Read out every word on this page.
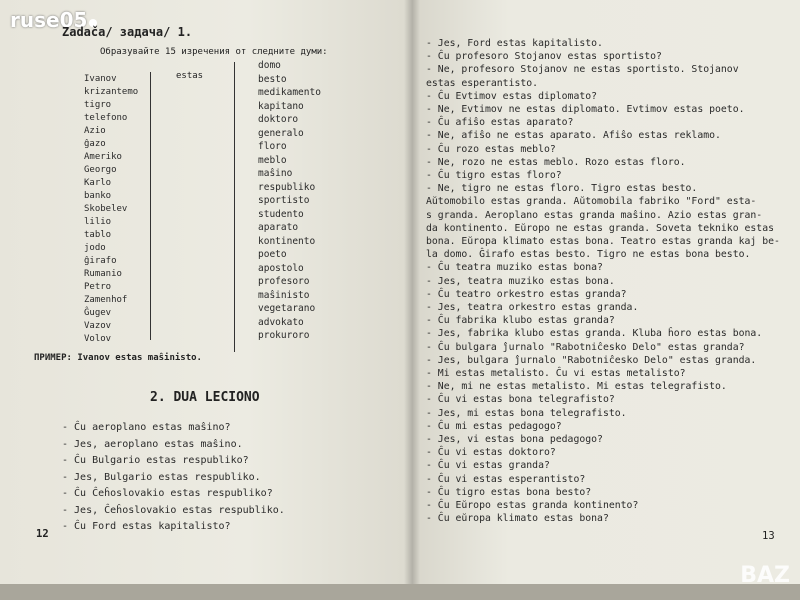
ruse05
Zadača/ задача/ 1.
Образувайте 15 изречения от следните думи:
estas
Ivanov
krizantemo
tigro
telefono
Azio
ĝazo
Ameriko
Georgo
Karlo
banko
Skobelev
lilio
tablo
jodo
ĝirafo
Rumanio
Petro
Zamenhof
Ĝugev
Vazov
Volov
domo
besto
medikamento
kapitano
doktoro
generalo
floro
meblo
maŝino
respubliko
sportisto
studento
aparato
kontinento
poeto
apostolo
profesoro
maŝinisto
vegetarano
advokato
prokuroro
ПРИМЕР: Ivanov estas maŝinisto.
2. DUA LECIONO
- Ĉu aeroplano estas maŝino?
- Jes, aeroplano estas maŝino.
- Ĉu Bulgario estas respubliko?
- Jes, Bulgario estas respubliko.
- Ĉu Ĉeĥoslovakio estas respubliko?
- Jes, Ĉeĥoslovakio estas respubliko.
- Ĉu Ford estas kapitalisto?
12
- Jes, Ford estas kapitalisto.
- Ĉu profesoro Stojanov estas sportisto?
- Ne, profesoro Stojanov ne estas sportisto. Stojanov
estas esperantisto.
- Ĉu Evtimov estas diplomato?
- Ne, Evtimov ne estas diplomato. Evtimov estas poeto.
- Ĉu afiŝo estas aparato?
- Ne, afiŝo ne estas aparato. Afiŝo estas reklamo.
- Ĉu rozo estas meblo?
- Ne, rozo ne estas meblo. Rozo estas floro.
- Ĉu tigro estas floro?
- Ne, tigro ne estas floro. Tigro estas besto.
Aŭtomobilo estas granda. Aŭtomobila fabriko "Ford" esta-
s granda. Aeroplano estas granda maŝino. Azio estas gran-
da kontinento. Eŭropo ne estas granda. Soveta tekniko estas
bona. Eŭropa klimato estas bona. Teatro estas granda kaj be-
la domo. Ĝirafo estas besto. Tigro ne estas bona besto.
- Ĉu teatra muziko estas bona?
- Jes, teatra muziko estas bona.
- Ĉu teatro orkestro estas granda?
- Jes, teatra orkestro estas granda.
- Ĉu fabrika klubo estas granda?
- Jes, fabrika klubo estas granda. Kluba ĥoro estas bona.
- Ĉu bulgara ĵurnalo "Rabotniĉesko Delo" estas granda?
- Jes, bulgara ĵurnalo "Rabotniĉesko Delo" estas granda.
- Mi estas metalisto. Ĉu vi estas metalisto?
- Ne, mi ne estas metalisto. Mi estas telegrafisto.
- Ĉu vi estas bona telegrafisto?
- Jes, mi estas bona telegrafisto.
- Ĉu mi estas pedagogo?
- Jes, vi estas bona pedagogo?
- Ĉu vi estas doktoro?
- Ĉu vi estas granda?
- Ĉu vi estas esperantisto?
- Ĉu tigro estas bona besto?
- Ĉu Eŭropo estas granda kontinento?
- Ĉu eŭropa klimato estas bona?
13
BAZ
